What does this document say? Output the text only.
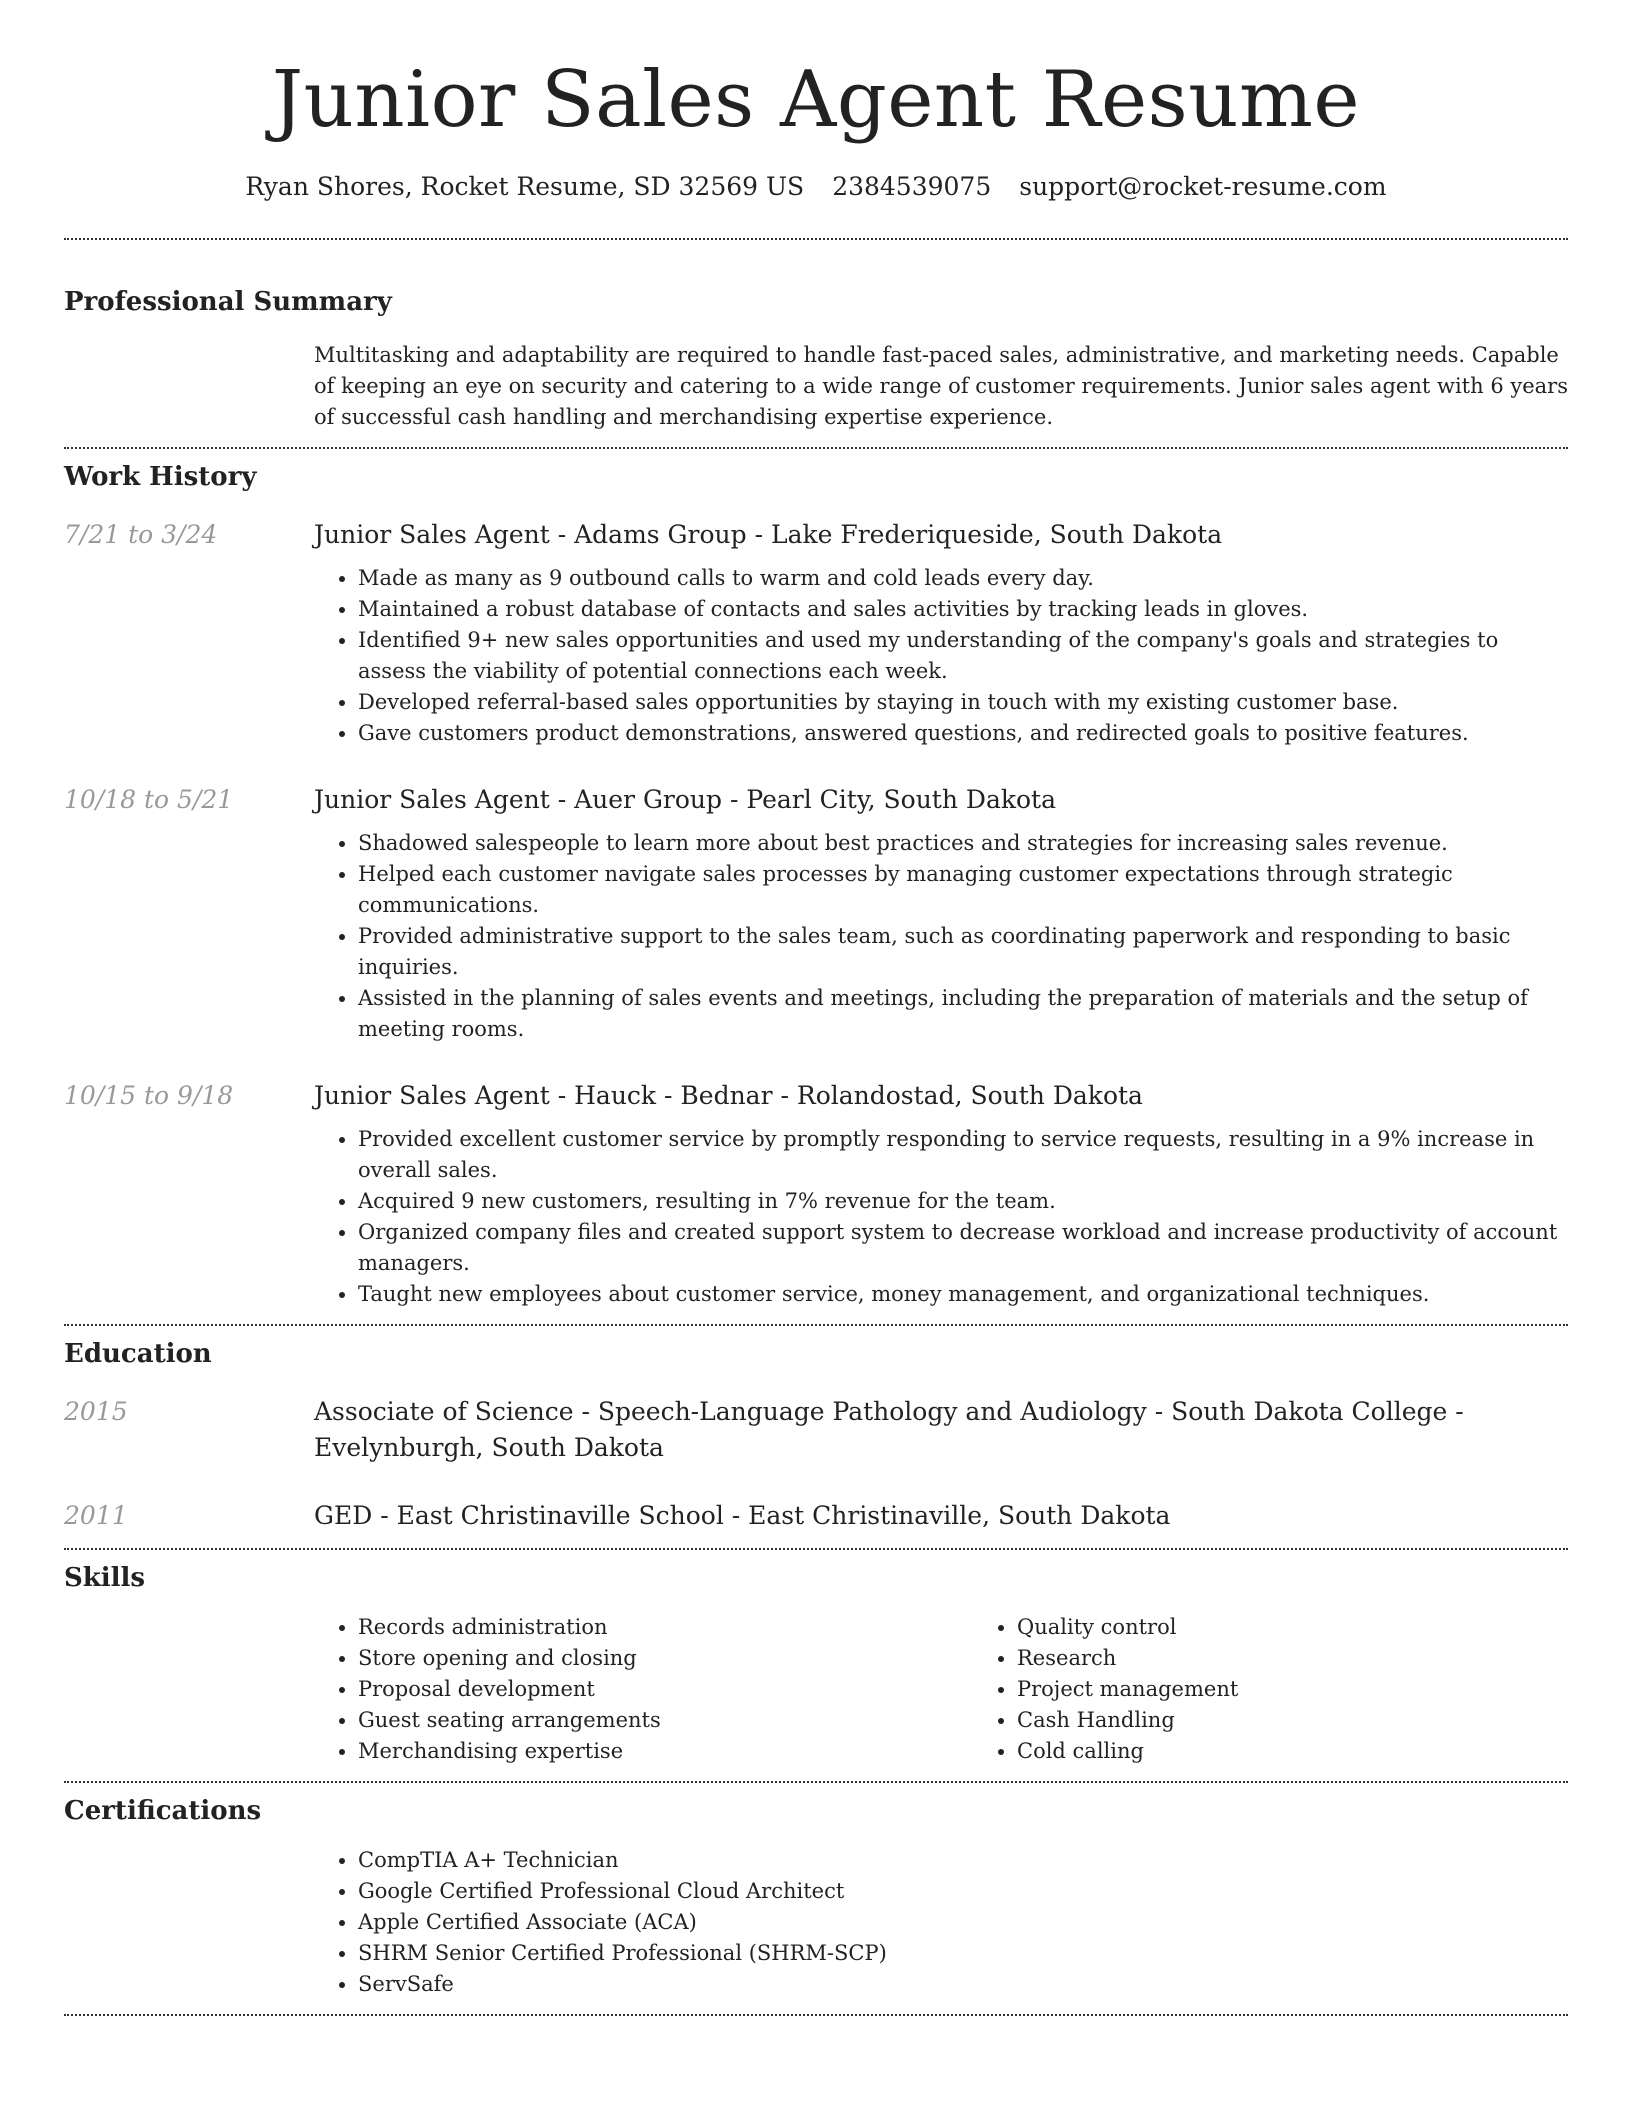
Junior Sales Agent Resume
Ryan Shores, Rocket Resume, SD 32569 US 2384539075 support@rocket-resume.com
Professional Summary

Multitasking and adaptability are required to handle fast-paced sales, administrative, and marketing needs. Capable of keeping an eye on security and catering to a wide range of customer requirements. Junior sales agent with 6 years of successful cash handling and merchandising expertise experience.

Work History
7/21 to 3/24	Junior Sales Agent - Adams Group - Lake Frederiqueside, South Dakota
• Made as many as 9 outbound calls to warm and cold leads every day.
• Maintained a robust database of contacts and sales activities by tracking leads in gloves.
• Identified 9+ new sales opportunities and used my understanding of the company's goals and strategies to assess the viability of potential connections each week.
• Developed referral-based sales opportunities by staying in touch with my existing customer base.
• Gave customers product demonstrations, answered questions, and redirected goals to positive features.
10/18 to 5/21	Junior Sales Agent - Auer Group - Pearl City, South Dakota
• Shadowed salespeople to learn more about best practices and strategies for increasing sales revenue.
• Helped each customer navigate sales processes by managing customer expectations through strategic communications.
• Provided administrative support to the sales team, such as coordinating paperwork and responding to basic inquiries.
• Assisted in the planning of sales events and meetings, including the preparation of materials and the setup of meeting rooms.
10/15 to 9/18	Junior Sales Agent - Hauck - Bednar - Rolandostad, South Dakota
• Provided excellent customer service by promptly responding to service requests, resulting in a 9% increase in overall sales.
• Acquired 9 new customers, resulting in 7% revenue for the team.
• Organized company files and created support system to decrease workload and increase productivity of account managers.
• Taught new employees about customer service, money management, and organizational techniques.
Education
2015	Associate of Science - Speech-Language Pathology and Audiology - South Dakota College - Evelynburgh, South Dakota
2011	GED - East Christinaville School - East Christinaville, South Dakota
Skills
• Records administration
• Store opening and closing
• Proposal development
• Guest seating arrangements
• Merchandising expertise
• Quality control
• Research
• Project management
• Cash Handling
• Cold calling
Certifications
• CompTIA A+ Technician
• Google Certified Professional Cloud Architect
• Apple Certified Associate (ACA)
• SHRM Senior Certified Professional (SHRM-SCP)
• ServSafe
